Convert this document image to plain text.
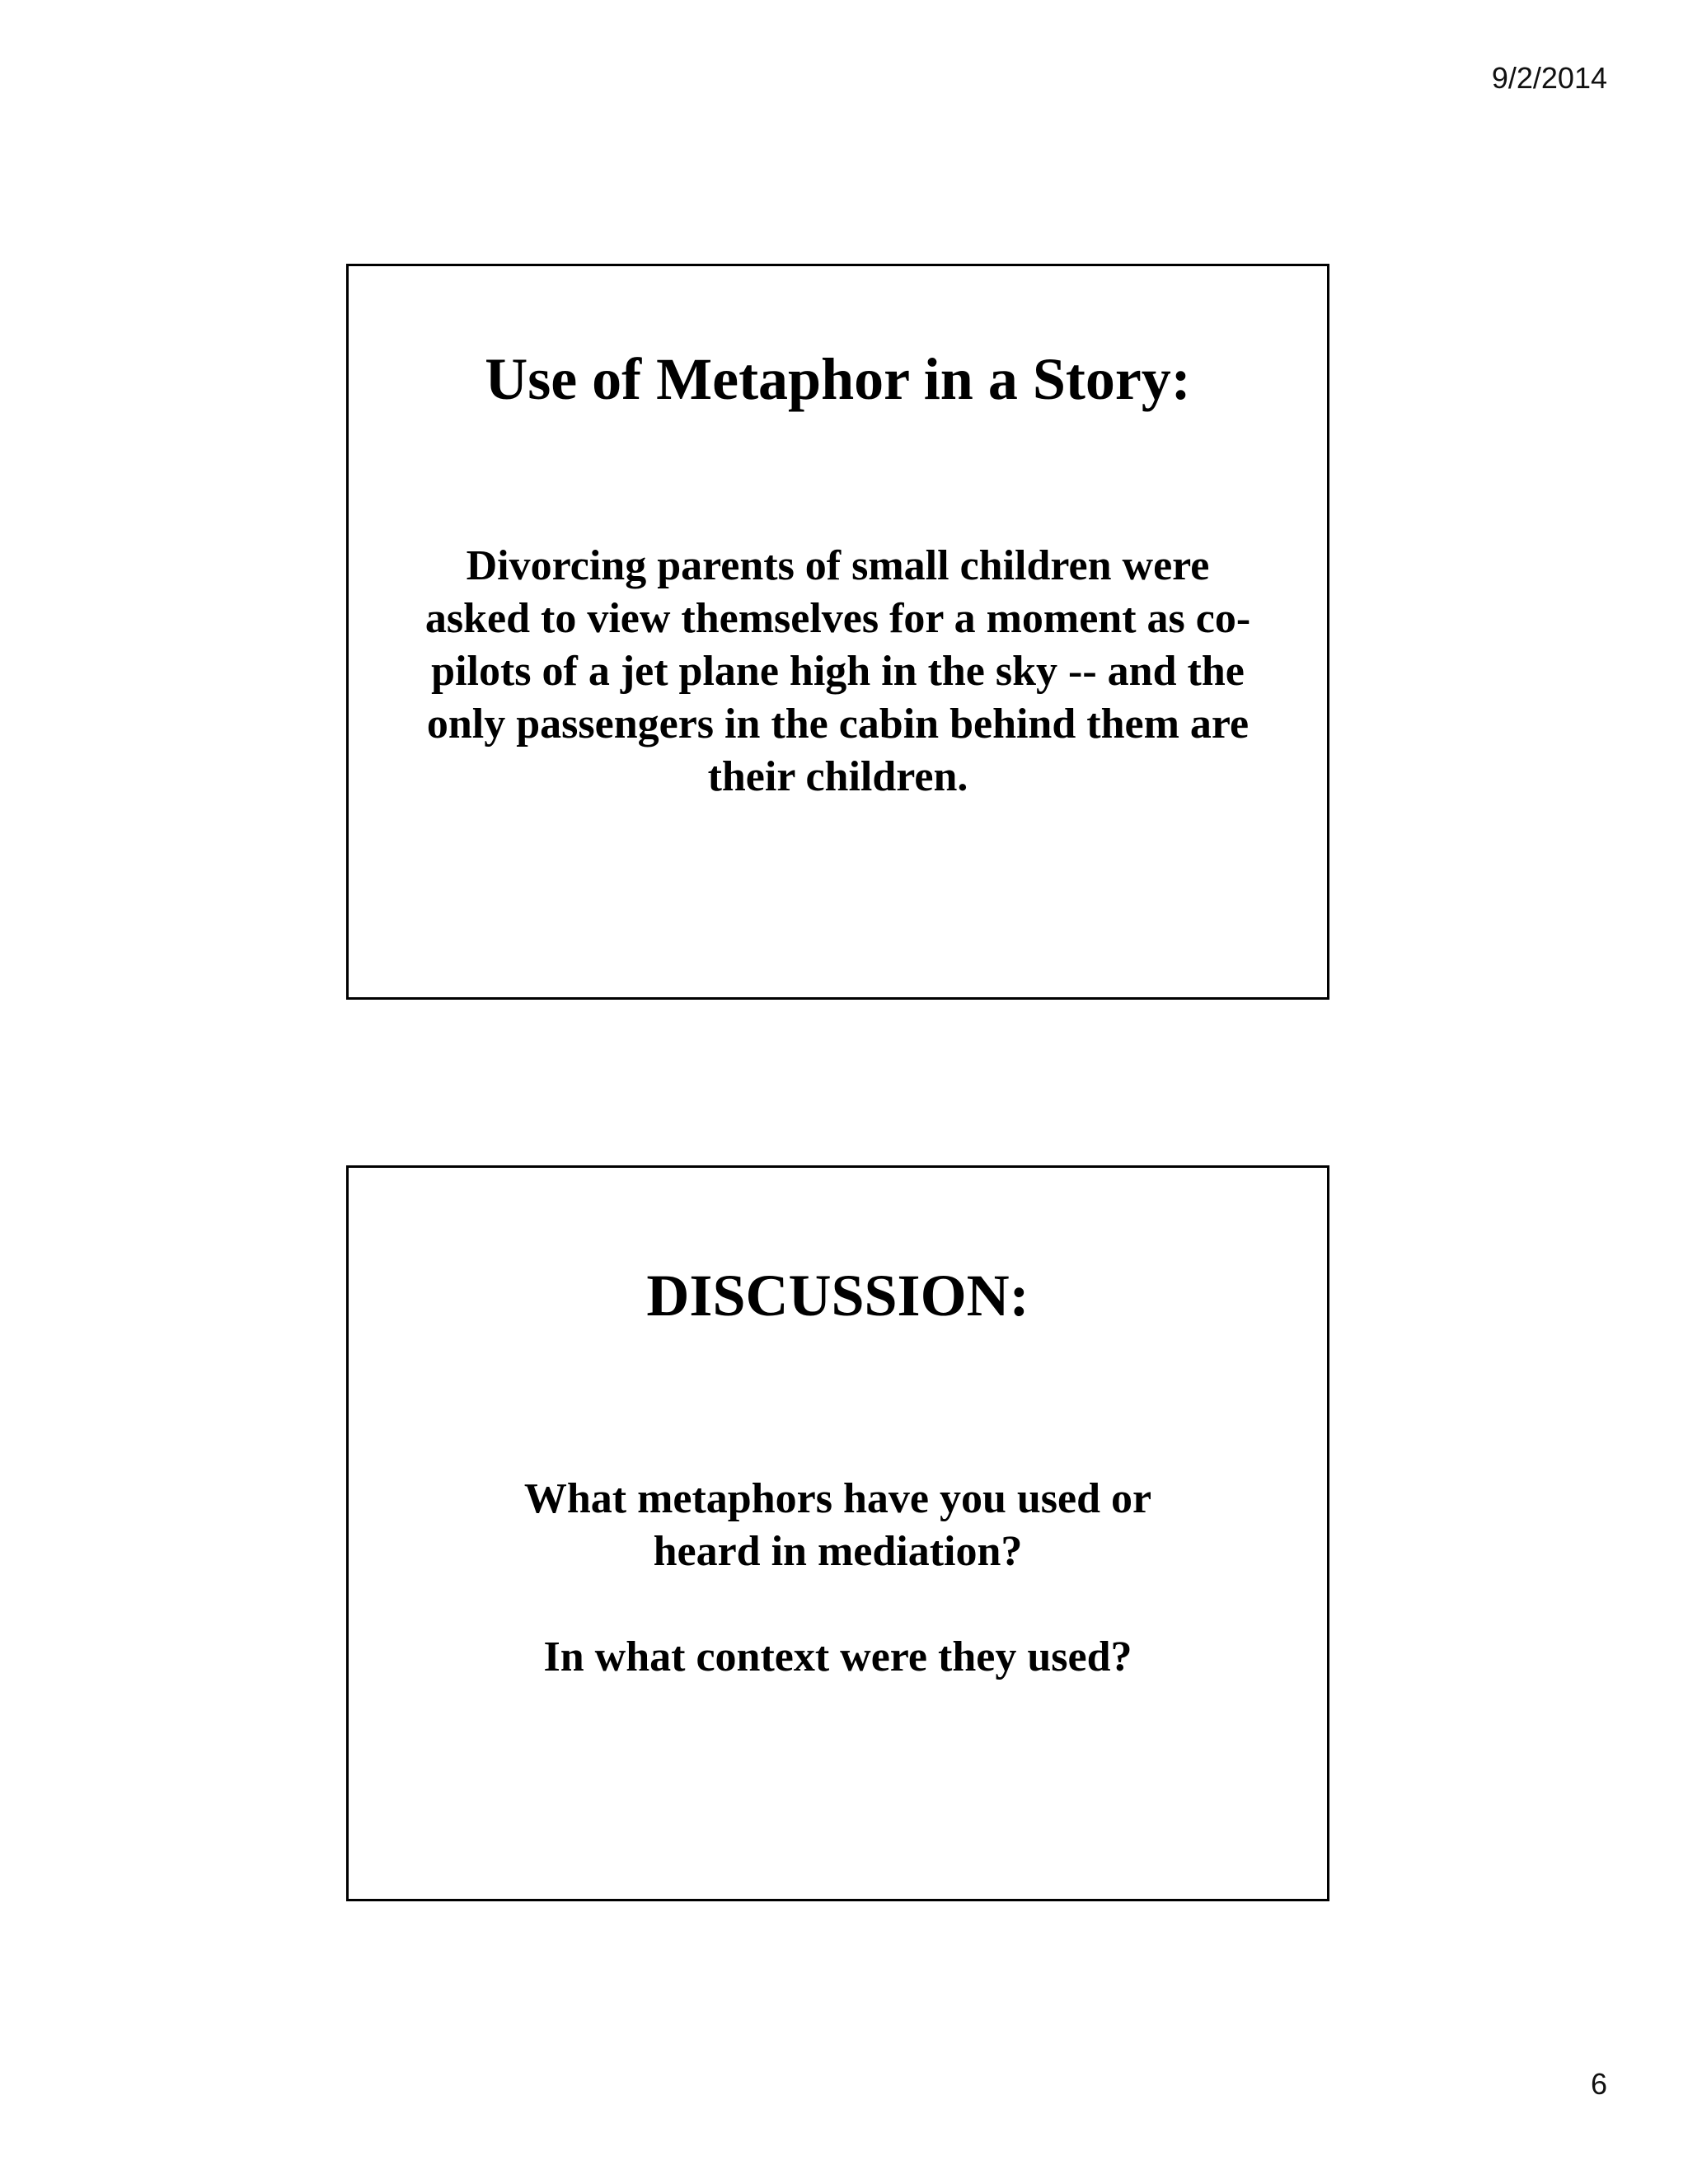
9/2/2014
Use of Metaphor in a Story:

Divorcing parents of small children were asked to view themselves for a moment as co-pilots of a jet plane high in the sky -- and the only passengers in the cabin behind them are their children.

DISCUSSION:

What metaphors have you used or heard in mediation?

In what context were they used?

6
